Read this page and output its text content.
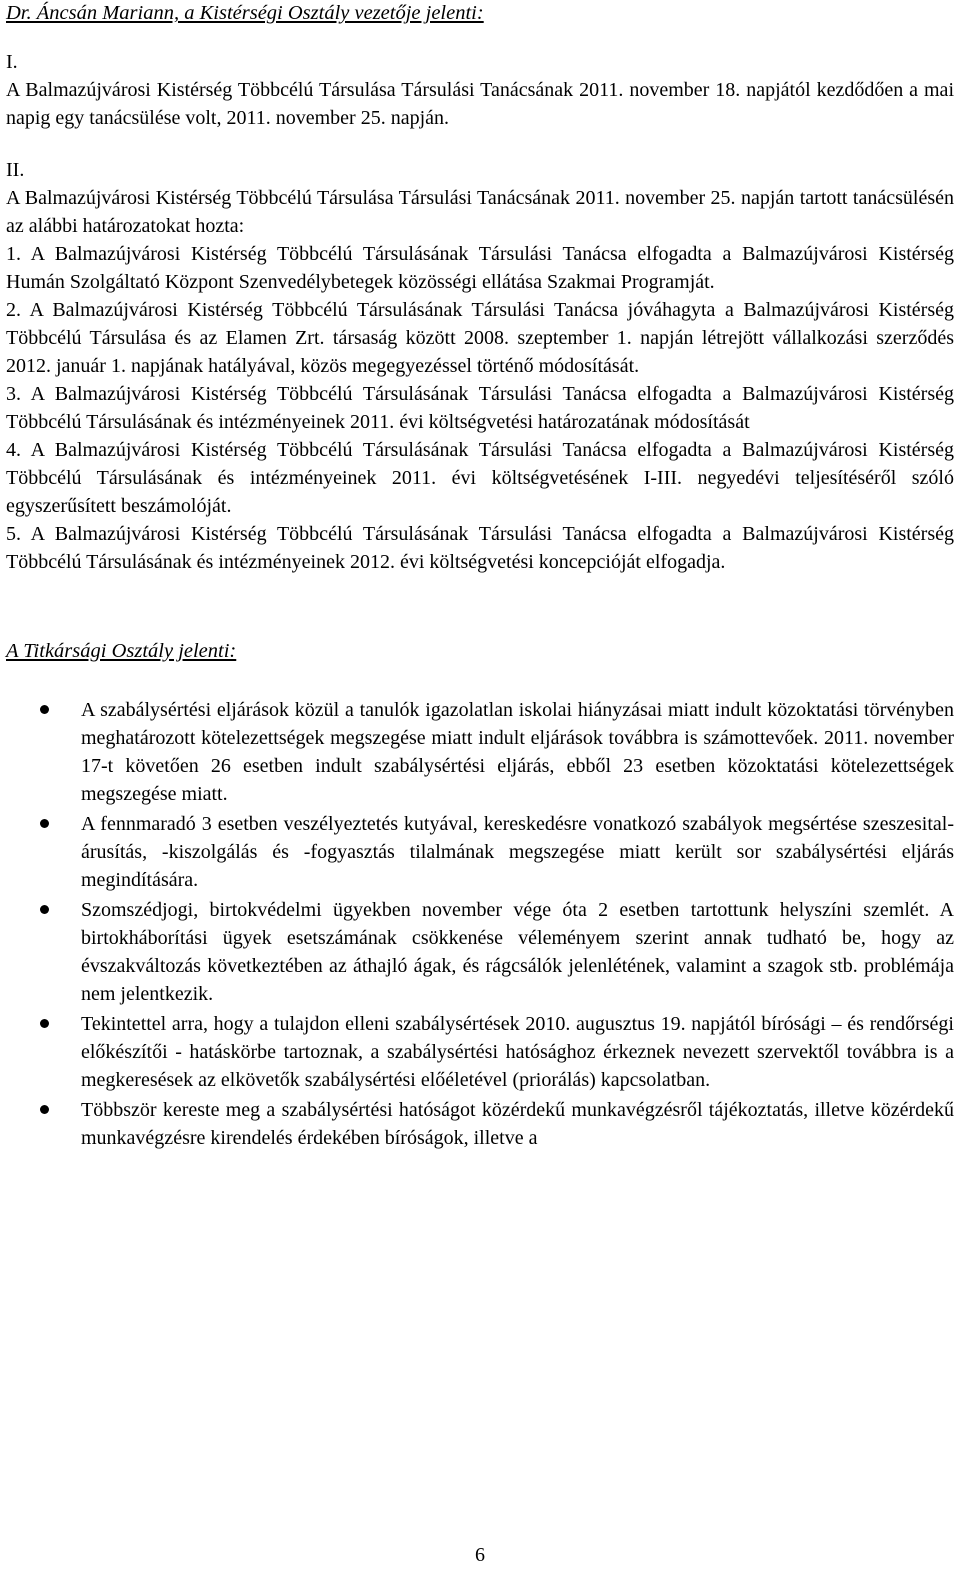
Dr. Áncsán Mariann, a Kistérségi Osztály vezetője jelenti:

I.

A Balmazújvárosi Kistérség Többcélú Társulása Társulási Tanácsának 2011. november 18. napjától kezdődően a mai napig egy tanácsülése volt, 2011. november 25. napján.

II.

A Balmazújvárosi Kistérség Többcélú Társulása Társulási Tanácsának 2011. november 25. napján tartott tanácsülésén az alábbi határozatokat hozta:

1. A Balmazújvárosi Kistérség Többcélú Társulásának Társulási Tanácsa elfogadta a Balmazújvárosi Kistérség Humán Szolgáltató Központ Szenvedélybetegek közösségi ellátása Szakmai Programját.

2. A Balmazújvárosi Kistérség Többcélú Társulásának Társulási Tanácsa jóváhagyta a Balmazújvárosi Kistérség Többcélú Társulása és az Elamen Zrt. társaság között 2008. szeptember 1. napján létrejött vállalkozási szerződés 2012. január 1. napjának hatályával, közös megegyezéssel történő módosítását.

3. A Balmazújvárosi Kistérség Többcélú Társulásának Társulási Tanácsa elfogadta a Balmazújvárosi Kistérség Többcélú Társulásának és intézményeinek 2011. évi költségvetési határozatának módosítását

4. A Balmazújvárosi Kistérség Többcélú Társulásának Társulási Tanácsa elfogadta a Balmazújvárosi Kistérség Többcélú Társulásának és intézményeinek 2011. évi költségvetésének I-III. negyedévi teljesítéséről szóló egyszerűsített beszámolóját.

5. A Balmazújvárosi Kistérség Többcélú Társulásának Társulási Tanácsa elfogadta a Balmazújvárosi Kistérség Többcélú Társulásának és intézményeinek 2012. évi költségvetési koncepcióját elfogadja.

A Titkársági Osztály jelenti:

A szabálysértési eljárások közül a tanulók igazolatlan iskolai hiányzásai miatt indult közoktatási törvényben meghatározott kötelezettségek megszegése miatt indult eljárások továbbra is számottevőek. 2011. november 17-t követően 26 esetben indult szabálysértési eljárás, ebből 23 esetben közoktatási kötelezettségek megszegése miatt.
A fennmaradó 3 esetben veszélyeztetés kutyával, kereskedésre vonatkozó szabályok megsértése szeszesital-árusítás, -kiszolgálás és -fogyasztás tilalmának megszegése miatt került sor szabálysértési eljárás megindítására.
Szomszédjogi, birtokvédelmi ügyekben november vége óta 2 esetben tartottunk helyszíni szemlét. A birtokháborítási ügyek esetszámának csökkenése véleményem szerint annak tudható be, hogy az évszakváltozás következtében az áthajló ágak, és rágcsálók jelenlétének, valamint a szagok stb. problémája nem jelentkezik.
Tekintettel arra, hogy a tulajdon elleni szabálysértések 2010. augusztus 19. napjától bírósági – és rendőrségi előkészítői - hatáskörbe tartoznak, a szabálysértési hatósághoz érkeznek nevezett szervektől továbbra is a megkeresések az elkövetők szabálysértési előéletével (priorálás) kapcsolatban.
Többször kereste meg a szabálysértési hatóságot közérdekű munkavégzésről tájékoztatás, illetve közérdekű munkavégzésre kirendelés érdekében bíróságok, illetve a
6
